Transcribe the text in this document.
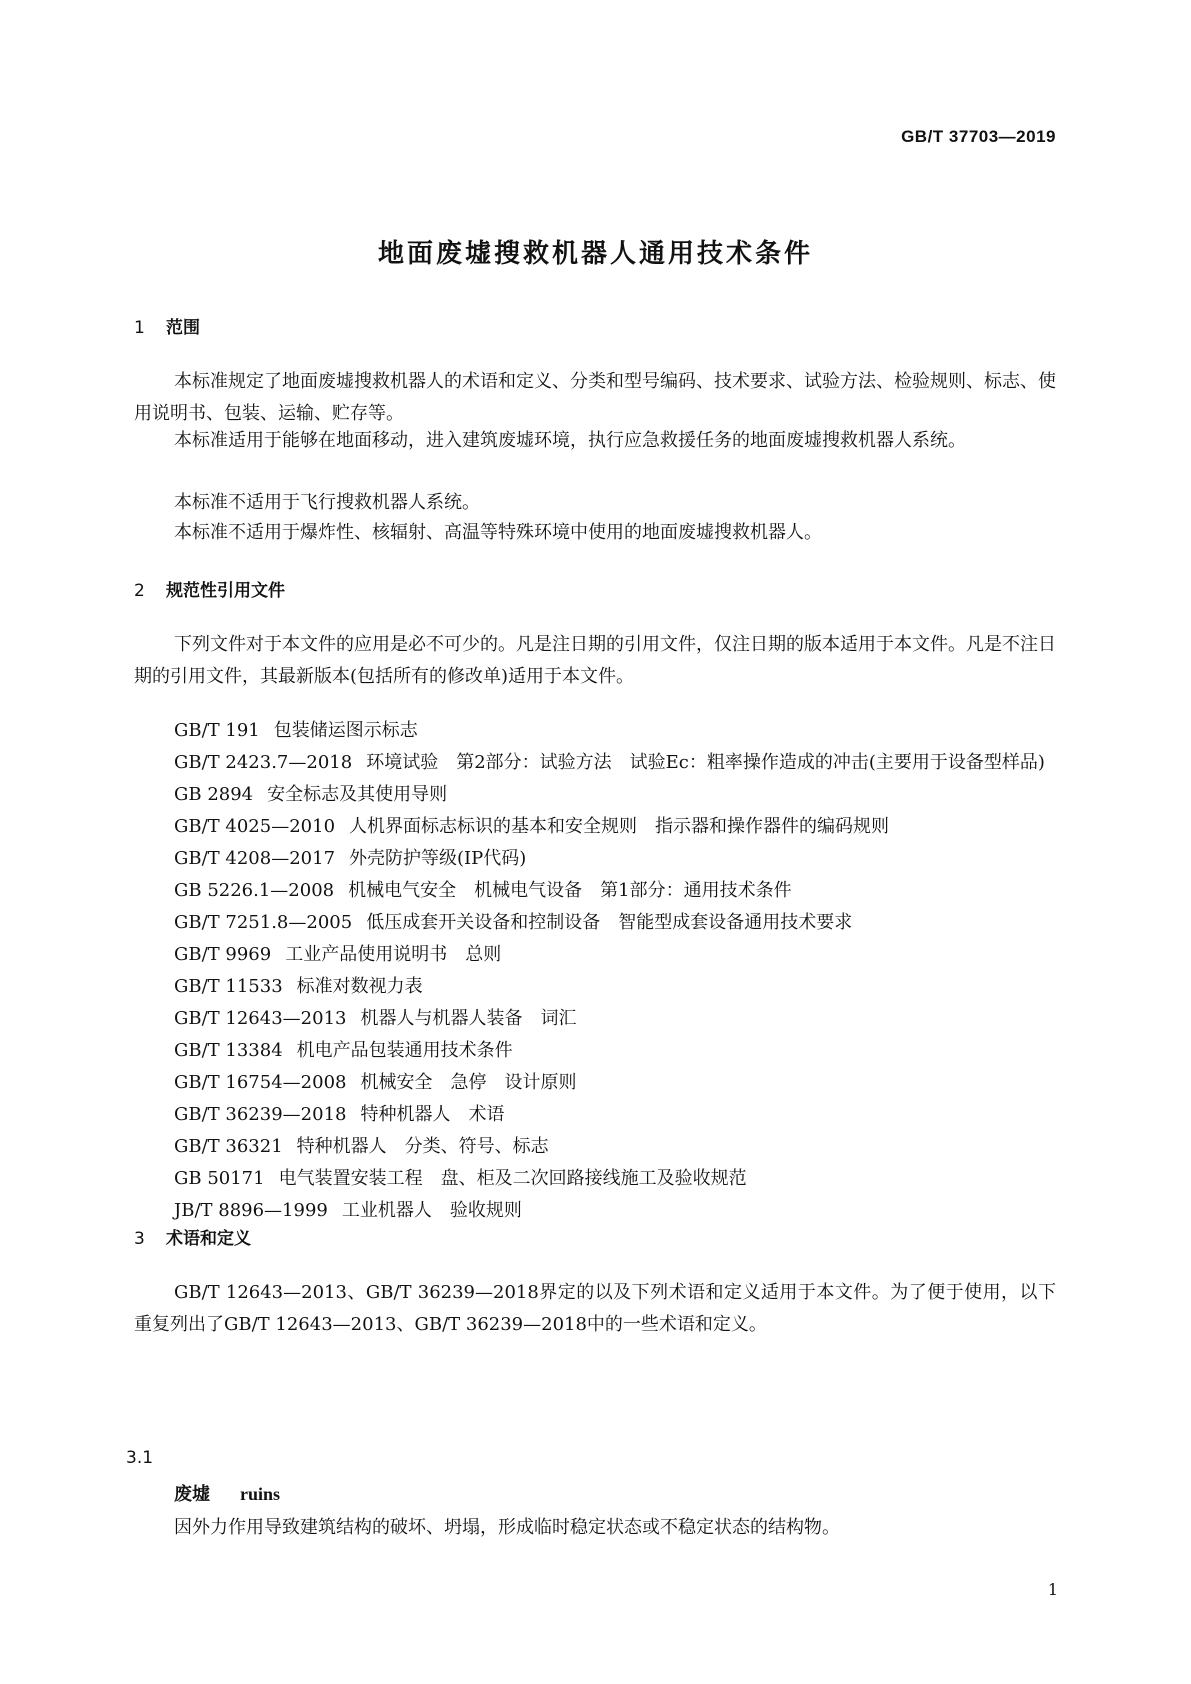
GB/T 37703—2019
地面废墟搜救机器人通用技术条件
1 范围
本标准规定了地面废墟搜救机器人的术语和定义、分类和型号编码、技术要求、试验方法、检验规则、标志、使用说明书、包装、运输、贮存等。
本标准适用于能够在地面移动，进入建筑废墟环境，执行应急救援任务的地面废墟搜救机器人系统。
本标准不适用于飞行搜救机器人系统。
本标准不适用于爆炸性、核辐射、高温等特殊环境中使用的地面废墟搜救机器人。
2 规范性引用文件
下列文件对于本文件的应用是必不可少的。凡是注日期的引用文件，仅注日期的版本适用于本文件。凡是不注日期的引用文件，其最新版本(包括所有的修改单)适用于本文件。
GB/T 191 包装储运图示标志
GB/T 2423.7—2018 环境试验　第2部分：试验方法　试验Ec：粗率操作造成的冲击(主要用于设备型样品)
GB 2894 安全标志及其使用导则
GB/T 4025—2010 人机界面标志标识的基本和安全规则　指示器和操作器件的编码规则
GB/T 4208—2017 外壳防护等级(IP代码)
GB 5226.1—2008 机械电气安全　机械电气设备　第1部分：通用技术条件
GB/T 7251.8—2005 低压成套开关设备和控制设备　智能型成套设备通用技术要求
GB/T 9969 工业产品使用说明书　总则
GB/T 11533 标准对数视力表
GB/T 12643—2013 机器人与机器人装备　词汇
GB/T 13384 机电产品包装通用技术条件
GB/T 16754—2008 机械安全　急停　设计原则
GB/T 36239—2018 特种机器人　术语
GB/T 36321 特种机器人　分类、符号、标志
GB 50171 电气装置安装工程　盘、柜及二次回路接线施工及验收规范
JB/T 8896—1999 工业机器人　验收规则
3 术语和定义
GB/T 12643—2013、GB/T 36239—2018界定的以及下列术语和定义适用于本文件。为了便于使用，以下重复列出了GB/T 12643—2013、GB/T 36239—2018中的一些术语和定义。
3.1
废墟 ruins
因外力作用导致建筑结构的破坏、坍塌，形成临时稳定状态或不稳定状态的结构物。
1
